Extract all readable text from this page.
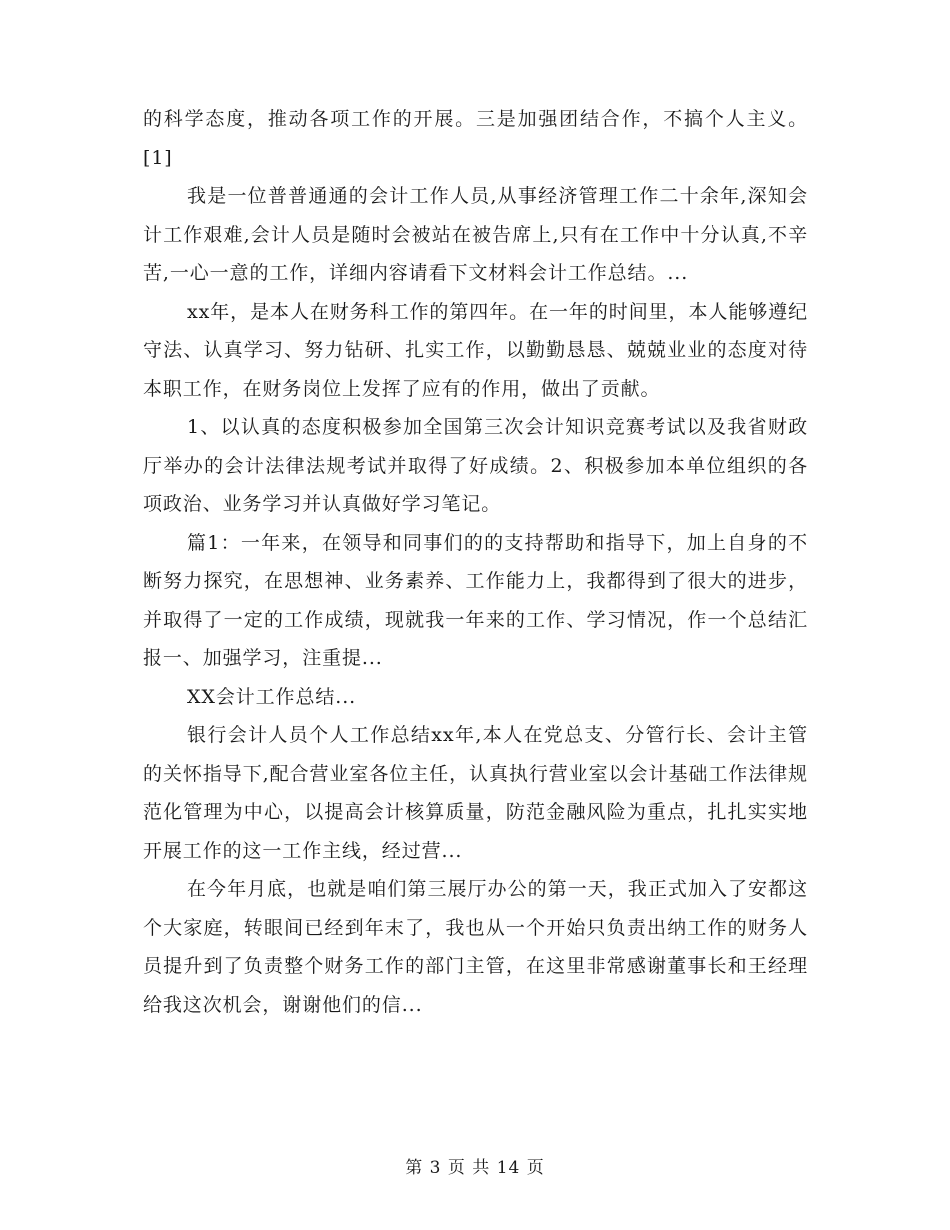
的科学态度，推动各项工作的开展。三是加强团结合作，不搞个人主义。[1]

我是一位普普通通的会计工作人员,从事经济管理工作二十余年,深知会计工作艰难,会计人员是随时会被站在被告席上,只有在工作中十分认真,不辛苦,一心一意的工作，详细内容请看下文材料会计工作总结。...

xx年，是本人在财务科工作的第四年。在一年的时间里，本人能够遵纪守法、认真学习、努力钻研、扎实工作，以勤勤恳恳、兢兢业业的态度对待本职工作，在财务岗位上发挥了应有的作用，做出了贡献。

1、以认真的态度积极参加全国第三次会计知识竞赛考试以及我省财政厅举办的会计法律法规考试并取得了好成绩。2、积极参加本单位组织的各项政治、业务学习并认真做好学习笔记。

篇1：一年来，在领导和同事们的的支持帮助和指导下，加上自身的不断努力探究，在思想神、业务素养、工作能力上，我都得到了很大的进步，并取得了一定的工作成绩，现就我一年来的工作、学习情况，作一个总结汇报一、加强学习，注重提...

XX会计工作总结...

银行会计人员个人工作总结xx年,本人在党总支、分管行长、会计主管的关怀指导下,配合营业室各位主任，认真执行营业室以会计基础工作法律规范化管理为中心，以提高会计核算质量，防范金融风险为重点，扎扎实实地开展工作的这一工作主线，经过营...

在今年月底，也就是咱们第三展厅办公的第一天，我正式加入了安都这个大家庭，转眼间已经到年末了，我也从一个开始只负责出纳工作的财务人员提升到了负责整个财务工作的部门主管，在这里非常感谢董事长和王经理给我这次机会，谢谢他们的信...

第 3 页 共 14 页
